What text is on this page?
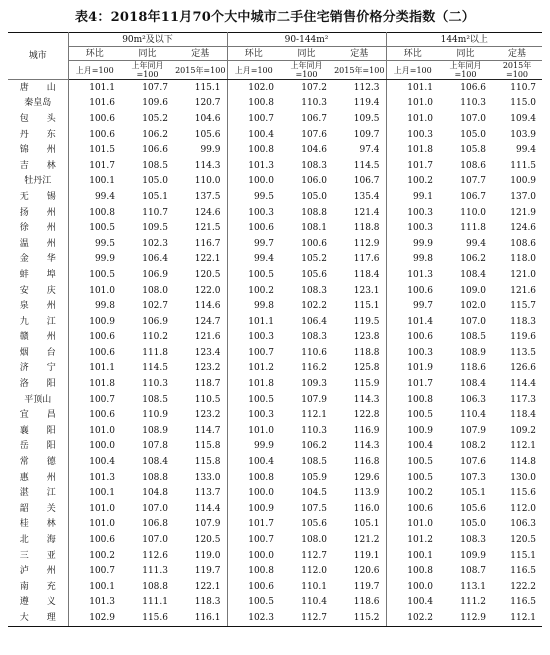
表4：2018年11月70个大中城市二手住宅销售价格分类指数（二）
城市	90m²及以下			90-144m²			144m²以上		
	环比	同比	定基	环比	同比	定基	环比	同比	定基
	上月=100	上年同月=100	2015年=100	上月=100	上年同月=100	2015年=100	上月=100	上年同月=100	2015年=100
唐　　山	101.1	107.7	115.1	102.0	107.2	112.3	101.1	106.6	110.7
秦皇岛	101.6	109.6	120.7	100.8	110.3	119.4	101.0	110.3	115.0
包　　头	100.6	105.2	104.6	100.7	106.7	109.5	101.0	107.0	109.4
丹　　东	100.6	106.2	105.6	100.4	107.6	109.7	100.3	105.0	103.9
锦　　州	101.5	106.6	99.9	100.8	104.6	97.4	101.8	105.8	99.4
吉　　林	101.7	108.5	114.3	101.3	108.3	114.5	101.7	108.6	111.5
牡丹江	100.1	105.0	110.0	100.0	106.0	106.7	100.2	107.7	100.9
无　　锡	99.4	105.1	137.5	99.5	105.0	135.4	99.1	106.7	137.0
扬　　州	100.8	110.7	124.6	100.3	108.8	121.4	100.3	110.0	121.9
徐　　州	100.5	109.5	121.5	100.6	108.1	118.8	100.3	111.8	124.6
温　　州	99.5	102.3	116.7	99.7	100.6	112.9	99.9	99.4	108.6
金　　华	99.9	106.4	122.1	99.4	105.2	117.6	99.8	106.2	118.0
蚌　　埠	100.5	106.9	120.5	100.5	105.6	118.4	101.3	108.4	121.0
安　　庆	101.0	108.0	122.0	100.2	108.3	123.1	100.6	109.0	121.6
泉　　州	99.8	102.7	114.6	99.8	102.2	115.1	99.7	102.0	115.7
九　　江	100.9	106.9	124.7	101.1	106.4	119.5	101.4	107.0	118.3
赣　　州	100.6	110.2	121.6	100.3	108.3	123.8	100.6	108.5	119.6
烟　　台	100.6	111.8	123.4	100.7	110.6	118.8	100.3	108.9	113.5
济　　宁	101.1	114.5	123.2	101.2	116.2	125.8	101.9	118.6	126.6
洛　　阳	101.8	110.3	118.7	101.8	109.3	115.9	101.7	108.4	114.4
平顶山	100.7	108.5	110.5	100.5	107.9	114.3	100.8	106.3	117.3
宜　　昌	100.6	110.9	123.2	100.3	112.1	122.8	100.5	110.4	118.4
襄　　阳	101.0	108.9	114.7	101.0	110.3	116.9	100.9	107.9	109.2
岳　　阳	100.0	107.8	115.8	99.9	106.2	114.3	100.4	108.2	112.1
常　　德	100.4	108.4	115.8	100.4	108.5	116.8	100.5	107.6	114.8
惠　　州	101.3	108.8	133.0	100.8	105.9	129.6	100.5	107.3	130.0
湛　　江	100.1	104.8	113.7	100.0	104.5	113.9	100.2	105.1	115.6
韶　　关	101.0	107.0	114.4	100.9	107.5	116.0	100.6	105.6	112.0
桂　　林	101.0	106.8	107.9	101.7	105.6	105.1	101.0	105.0	106.3
北　　海	100.6	107.0	120.5	100.7	108.0	121.2	101.2	108.3	120.5
三　　亚	100.2	112.6	119.0	100.0	112.7	119.1	100.1	109.9	115.1
泸　　州	100.7	111.3	119.7	100.8	112.0	120.6	100.8	108.7	116.5
南　　充	100.1	108.8	122.1	100.6	110.1	119.7	100.0	113.1	122.2
遵　　义	101.3	111.1	118.3	100.5	110.4	118.6	100.4	111.2	116.5
大　　理	102.9	115.6	116.1	102.3	112.7	115.2	102.2	112.9	112.1
